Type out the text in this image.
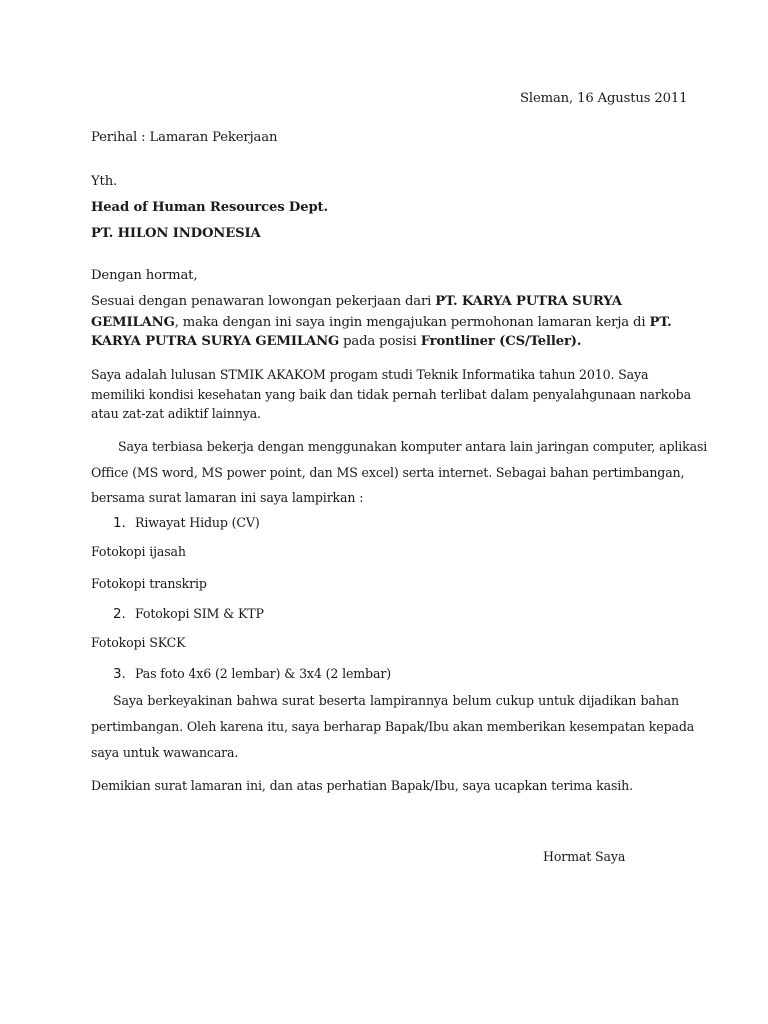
Sleman, 16 Agustus 2011

Perihal : Lamaran Pekerjaan

Yth.

Head of Human Resources Dept.

PT. HILON INDONESIA

Dengan hormat,

Sesuai dengan penawaran lowongan pekerjaan dari PT. KARYA PUTRA SURYA

GEMILANG, maka dengan ini saya ingin mengajukan permohonan lamaran kerja di PT.

KARYA PUTRA SURYA GEMILANG pada posisi Frontliner (CS/Teller).

Saya adalah lulusan STMIK AKAKOM progam studi Teknik Informatika tahun 2010. Saya

memiliki kondisi kesehatan yang baik dan tidak pernah terlibat dalam penyalahgunaan narkoba

atau zat-zat adiktif lainnya.

Saya terbiasa bekerja dengan menggunakan komputer antara lain jaringan computer, aplikasi

Office (MS word, MS power point, dan MS excel) serta internet. Sebagai bahan pertimbangan,

bersama surat lamaran ini saya lampirkan :

1. Riwayat Hidup (CV)

Fotokopi ijasah

Fotokopi transkrip

2. Fotokopi SIM & KTP

Fotokopi SKCK

3. Pas foto 4x6 (2 lembar) & 3x4 (2 lembar)

Saya berkeyakinan bahwa surat beserta lampirannya belum cukup untuk dijadikan bahan

pertimbangan. Oleh karena itu, saya berharap Bapak/Ibu akan memberikan kesempatan kepada

saya untuk wawancara.

Demikian surat lamaran ini, dan atas perhatian Bapak/Ibu, saya ucapkan terima kasih.

Hormat Saya
